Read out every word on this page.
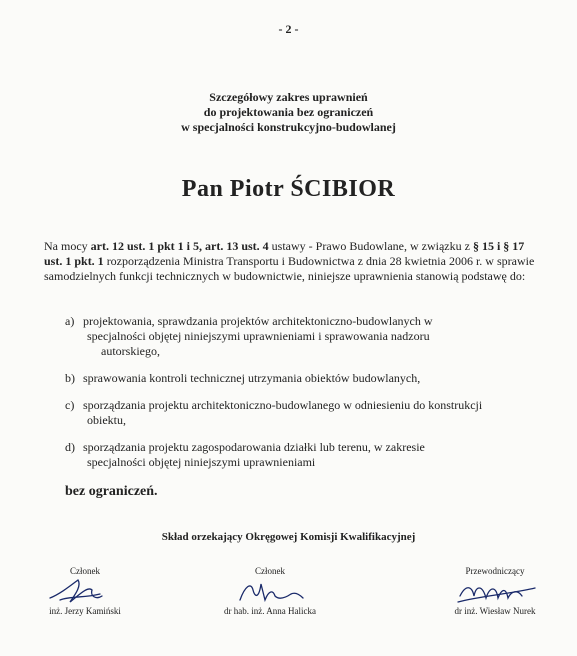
- 2 -
Szczegółowy zakres uprawnień
do projektowania bez ograniczeń
w specjalności konstrukcyjno-budowlanej
Pan Piotr ŚCIBIOR
Na mocy art. 12 ust. 1 pkt 1 i 5, art. 13 ust. 4 ustawy - Prawo Budowlane, w związku z § 15 i § 17 ust. 1 pkt. 1 rozporządzenia Ministra Transportu i Budownictwa z dnia 28 kwietnia 2006 r. w sprawie samodzielnych funkcji technicznych w budownictwie, niniejsze uprawnienia stanowią podstawę do:
a) projektowania, sprawdzania projektów architektoniczno-budowlanych w
specjalności objętej niniejszymi uprawnieniami i sprawowania nadzoru
autorskiego,
b) sprawowania kontroli technicznej utrzymania obiektów budowlanych,
c) sporządzania projektu architektoniczno-budowlanego w odniesieniu do konstrukcji
obiektu,
d) sporządzania projektu zagospodarowania działki lub terenu, w zakresie
specjalności objętej niniejszymi uprawnieniami
bez ograniczeń.
Skład orzekający Okręgowej Komisji Kwalifikacyjnej
Członek
inż. Jerzy Kamiński
Członek
dr hab. inż. Anna Halicka
Przewodniczący
dr inż. Wiesław Nurek
